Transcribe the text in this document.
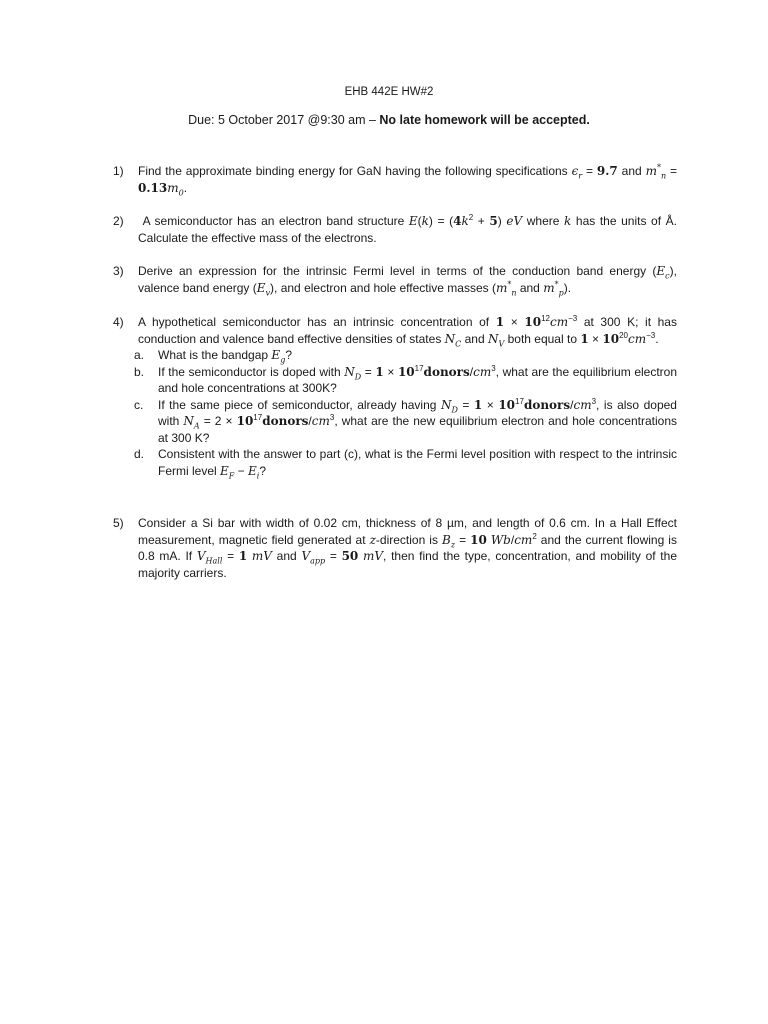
EHB 442E HW#2
Due: 5 October 2017 @9:30 am – No late homework will be accepted.
1)	Find the approximate binding energy for GaN having the following specifications $\epsilon_r = 9.7$ and $m^*_n = 0.13m_0$.
2)	A semiconductor has an electron band structure $E(k) = (4k^2 + 5)$ eV where k has the units of Å. Calculate the effective mass of the electrons.
3)	Derive an expression for the intrinsic Fermi level in terms of the conduction band energy $(E_c)$, valence band energy $(E_v)$, and electron and hole effective masses ($m^*_n$ and $m^*_p$).
4)	A hypothetical semiconductor has an intrinsic concentration of $1 \times 10^{12}cm^{-3}$ at 300 K; it has conduction and valence band effective densities of states $N_C$ and $N_V$ both equal to $1 \times 10^{20}cm^{-3}$.
a. What is the bandgap $E_g$?
b. If the semiconductor is doped with $N_D = 1$ × $10^{17}donors/cm^3$, what are the equilibrium electron and hole concentrations at 300K?
c. If the same piece of semiconductor, already having $N_D = 1$ × $10^{17}donors/cm^3$, is also doped with $N_A = 2$ × $10^{17}donors/cm^3$, what are the new equilibrium electron and hole concentrations at 300 K?
d. Consistent with the answer to part (c), what is the Fermi level position with respect to the intrinsic Fermi level $E_F - E_i$?
5)	Consider a Si bar with width of 0.02 cm, thickness of 8 µm, and length of 0.6 cm. In a Hall Effect measurement, magnetic field generated at z-direction is $B_z = 10$ $Wb/cm^2$ and the current flowing is 0.8 mA. If $V_{Hall} = 1$ mV and $V_{app} = 50$ mV, then find the type, concentration, and mobility of the majority carriers.
